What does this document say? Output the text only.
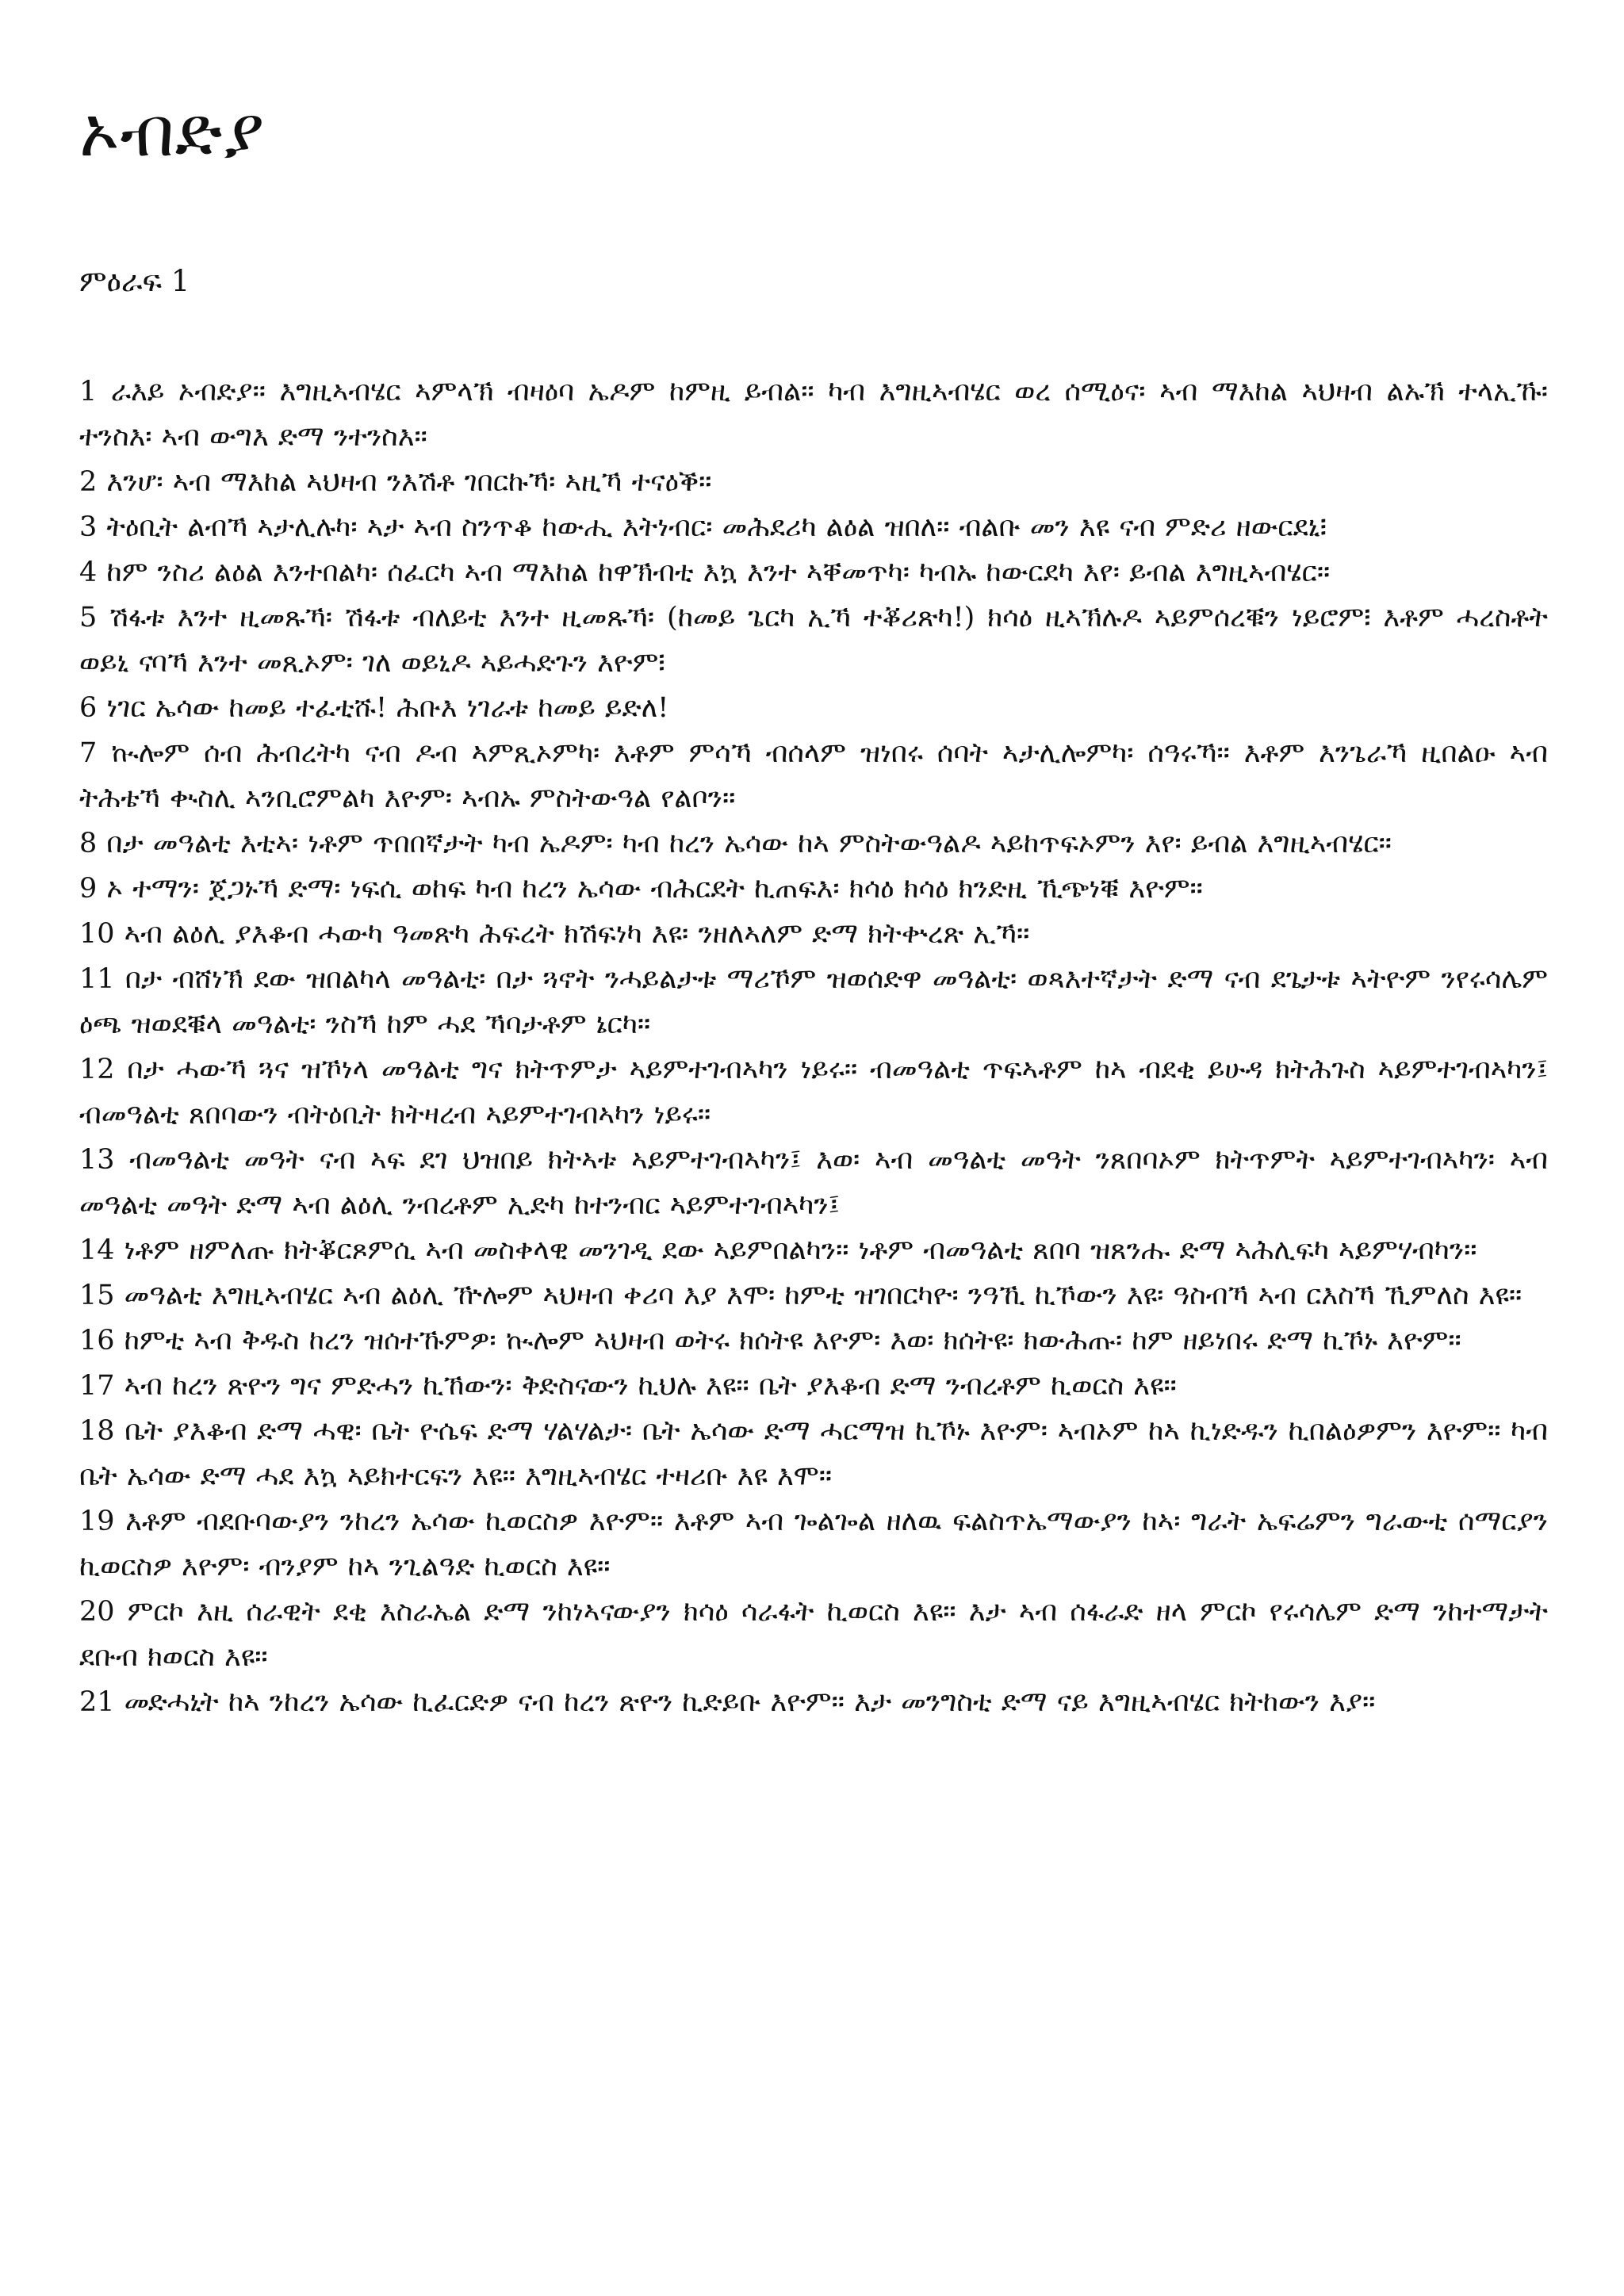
ኦብድያ
ምዕራፍ 1

1 ራእይ ኦብድያ። እግዚኣብሄር ኣምላኽ ብዛዕባ ኤዶም ከምዚ ይብል። ካብ እግዚኣብሄር ወረ ሰሚዕና፡ ኣብ ማእከል ኣህዛብ ልኡኽ ተላኢኹ፡ ተንስእ፡ ኣብ ውግእ ድማ ንተንስእ።

2 እንሆ፡ ኣብ ማእከል ኣህዛብ ንእሽቶ ገበርኩኻ፡ ኣዚኻ ተናዕቕ።

3 ትዕቢት ልብኻ ኣታሊሉካ፡ ኣታ ኣብ ስንጥቆ ከውሒ እትነብር፡ መሕደሪካ ልዕል ዝበለ። ብልቡ መን እዩ ናብ ምድሪ ዘውርደኒ፧

4 ከም ንስሪ ልዕል እንተበልካ፡ ሰፈርካ ኣብ ማእከል ከዋኽብቲ እኳ እንተ ኣቐመጥካ፡ ካብኡ ከውርደካ እየ፡ ይብል እግዚኣብሄር።

5 ሽፋቱ እንተ ዚመጹኻ፡ ሽፋቱ ብለይቲ እንተ ዚመጹኻ፡ (ከመይ ጌርካ ኢኻ ተቖሪጽካ!) ክሳዕ ዚኣኽሉዶ ኣይምሰረቑን ነይሮም፧ እቶም ሓረስቶት ወይኒ ናባኻ እንተ መጺኦም፡ ገለ ወይኒዶ ኣይሓድጉን እዮም፧

6 ነገር ኤሳው ከመይ ተፈቲሹ! ሕቡእ ነገራቱ ከመይ ይድለ!

7 ኲሎም ሰብ ሕብረትካ ናብ ዶብ ኣምጺኦምካ፡ እቶም ምሳኻ ብሰላም ዝነበሩ ሰባት ኣታሊሎምካ፡ ሰዓሩኻ። እቶም እንጌራኻ ዚበልዑ ኣብ ትሕቴኻ ቊስሊ ኣንቢሮምልካ እዮም፡ ኣብኡ ምስትውዓል የልቦን።

8 በታ መዓልቲ እቲኣ፡ ነቶም ጥበበኛታት ካብ ኤዶም፡ ካብ ከረን ኤሳው ከኣ ምስትውዓልዶ ኣይከጥፍኦምን እየ፡ ይብል እግዚኣብሄር።

9 ኦ ተማን፡ ጀጋኑኻ ድማ፡ ነፍሲ ወከፍ ካብ ከረን ኤሳው ብሕርደት ኪጠፍእ፡ ክሳዕ ክሳዕ ክንድዚ ኺጭነቑ እዮም።

10 ኣብ ልዕሊ ያእቆብ ሓውካ ዓመጽካ ሕፍረት ክሽፍነካ እዩ፡ ንዘለኣለም ድማ ክትቍረጽ ኢኻ።

11 በታ ብሸነኽ ደው ዝበልካላ መዓልቲ፡ በታ ጓኖት ንሓይልታቱ ማሪኾም ዝወሰድዋ መዓልቲ፡ ወጻእተኛታት ድማ ናብ ደጌታቱ ኣትዮም ንየሩሳሌም ዕጫ ዝወደቑላ መዓልቲ፡ ንስኻ ከም ሓደ ኻባታቶም ኔርካ።

12 በታ ሓውኻ ጓና ዝኾነላ መዓልቲ ግና ክትጥምታ ኣይምተገብኣካን ነይሩ። ብመዓልቲ ጥፍኣቶም ከኣ ብደቂ ይሁዳ ክትሕጉስ ኣይምተገብኣካን፤ ብመዓልቲ ጸበባውን ብትዕቢት ክትዛረብ ኣይምተገብኣካን ነይሩ።

13 ብመዓልቲ መዓት ናብ ኣፍ ደገ ህዝበይ ክትኣቱ ኣይምተገብኣካን፤ እወ፡ ኣብ መዓልቲ መዓት ንጸበባኦም ክትጥምት ኣይምተገብኣካን፡ ኣብ መዓልቲ መዓት ድማ ኣብ ልዕሊ ንብረቶም ኢድካ ከተንብር ኣይምተገብኣካን፤

14 ነቶም ዘምለጡ ክትቖርጾምሲ ኣብ መስቀላዊ መንገዲ ደው ኣይምበልካን። ነቶም ብመዓልቲ ጸበባ ዝጸንሑ ድማ ኣሕሊፍካ ኣይምሃብካን።

15 መዓልቲ እግዚኣብሄር ኣብ ልዕሊ ዅሎም ኣህዛብ ቀሪባ እያ እሞ፡ ከምቲ ዝገበርካዮ፡ ንዓኺ ኪኾውን እዩ፡ ዓስብኻ ኣብ ርእስኻ ኺምለስ እዩ።

16 ከምቲ ኣብ ቅዱስ ከረን ዝሰተኹምዎ፡ ኲሎም ኣህዛብ ወትሩ ክሰትዩ እዮም፡ እወ፡ ክሰትዩ፡ ክውሕጡ፡ ከም ዘይነበሩ ድማ ኪኾኑ እዮም።

17 ኣብ ከረን ጽዮን ግና ምድሓን ኪኸውን፡ ቅድስናውን ኪህሉ እዩ። ቤት ያእቆብ ድማ ንብረቶም ኪወርስ እዩ።

18 ቤት ያእቆብ ድማ ሓዊ፡ ቤት ዮሴፍ ድማ ሃልሃልታ፡ ቤት ኤሳው ድማ ሓርማዝ ኪኾኑ እዮም፡ ኣብኦም ከኣ ኪነድዱን ኪበልዕዎምን እዮም። ካብ ቤት ኤሳው ድማ ሓደ እኳ ኣይክተርፍን እዩ። እግዚኣብሄር ተዛሪቡ እዩ እሞ።

19 እቶም ብደቡባውያን ንከረን ኤሳው ኪወርስዎ እዮም። እቶም ኣብ ጐልጐል ዘለዉ ፍልስጥኤማውያን ከኣ፡ ግራት ኤፍሬምን ግራውቲ ሰማርያን ኪወርስዎ እዮም፡ ብንያም ከኣ ንጊልዓድ ኪወርስ እዩ።

20 ምርኮ እዚ ሰራዊት ደቂ እስራኤል ድማ ንከነኣናውያን ክሳዕ ሳራፋት ኪወርስ እዩ። እታ ኣብ ሰፋራድ ዘላ ምርኮ የሩሳሌም ድማ ንከተማታት ደቡብ ክወርስ እዩ።

21 መድሓኒት ከኣ ንከረን ኤሳው ኪፈርድዎ ናብ ከረን ጽዮን ኪድይቡ እዮም። እታ መንግስቲ ድማ ናይ እግዚኣብሄር ክትከውን እያ።
